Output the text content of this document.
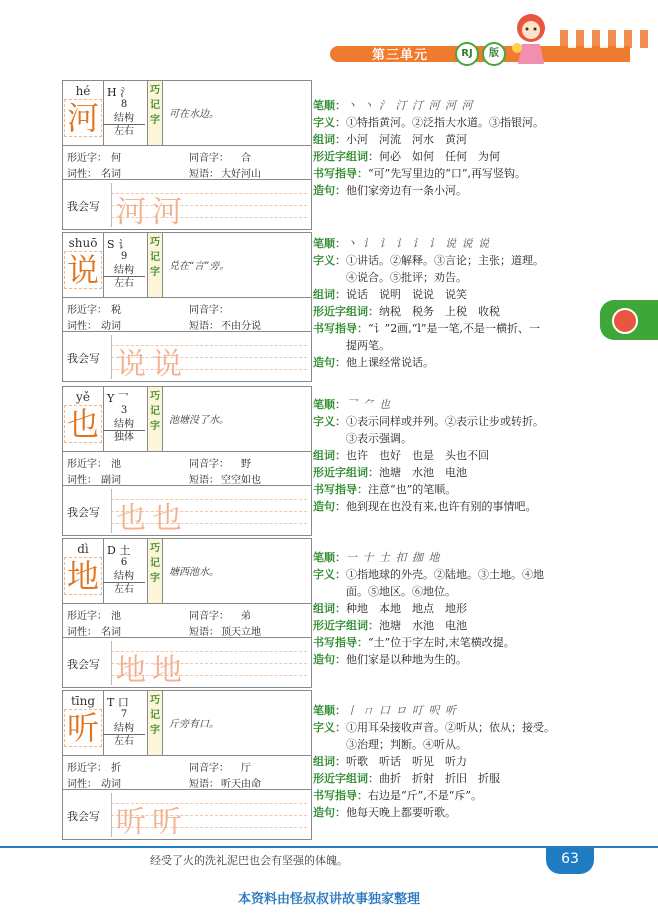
第三单元	RJ	版
hé
河
H 氵
8
结构
左右
巧
记
字
可在水边。
形近字： 何	同音字： 合
词性： 名词	短语： 大好河山
我会写 河河
shuō
说
S 讠
9
结构
左右
巧
记
字
兑在“言”旁。
形近字： 税	同音字：
词性： 动词	短语： 不由分说
我会写 说说
yě
也
Y 乛
3
结构
独体
巧
记
字
池塘没了水。
形近字： 池	同音字： 野
词性： 副词	短语： 空空如也
我会写 也也
dì
地
D 土
6
结构
左右
巧
记
字
塘西池水。
形近字： 池	同音字： 弟
词性： 名词	短语： 顶天立地
我会写 地地
tīng
听
T 口
7
结构
左右
巧
记
字
斤旁有口。
形近字： 折	同音字： 厅
词性： 动词	短语： 听天由命
我会写 听听
笔顺：丶 丶 氵 汀 汀 河 河 河
字义：①特指黄河。②泛指大水道。③指银河。
组词：小河　河流　河水　黄河
形近字组词：何必　如何　任何　为何
书写指导：“可”先写里边的“口”,再写竖钩。
造句：他们家旁边有一条小河。
笔顺：丶 讠 讠 讠 讠 讠 说 说 说
字义：①讲话。②解释。③言论；主张；道理。
　④说合。⑤批评；劝告。
组词：说话　说明　说说　说笑
形近字组词：纳税　税务　上税　收税
书写指导：“讠”2画,“l”是一笔,不是一横折、一
　　　提两笔。
造句：他上课经常说话。
笔顺：乛 ⺈ 也
字义：①表示同样或并列。②表示让步或转折。
　③表示强调。
组词：也许　也好　也是　头也不回
形近字组词：池塘　水池　电池
书写指导：注意“也”的笔顺。
造句：他到现在也没有来,也许有别的事情吧。
笔顺：一 十 土 扣 拁 地
字义：①指地球的外壳。②陆地。③土地。④地
　面。⑤地区。⑥地位。
组词：种地　本地　地点　地形
形近字组词：池塘　水池　电池
书写指导：“土”位于字左时,末笔横改提。
造句：他们家是以种地为生的。
笔顺：丨 ㄇ 口 ロ 叮 呎 听
字义：①用耳朵接收声音。②听从；依从；接受。
　③治理；判断。④听从。
组词：听歌　听话　听见　听力
形近字组词：曲折　折射　折旧　折服
书写指导：右边是“斤”,不是“斥”。
造句：他每天晚上都要听歌。
经受了火的洗礼泥巴也会有坚强的体魄。	63
本资料由怪叔叔讲故事独家整理
